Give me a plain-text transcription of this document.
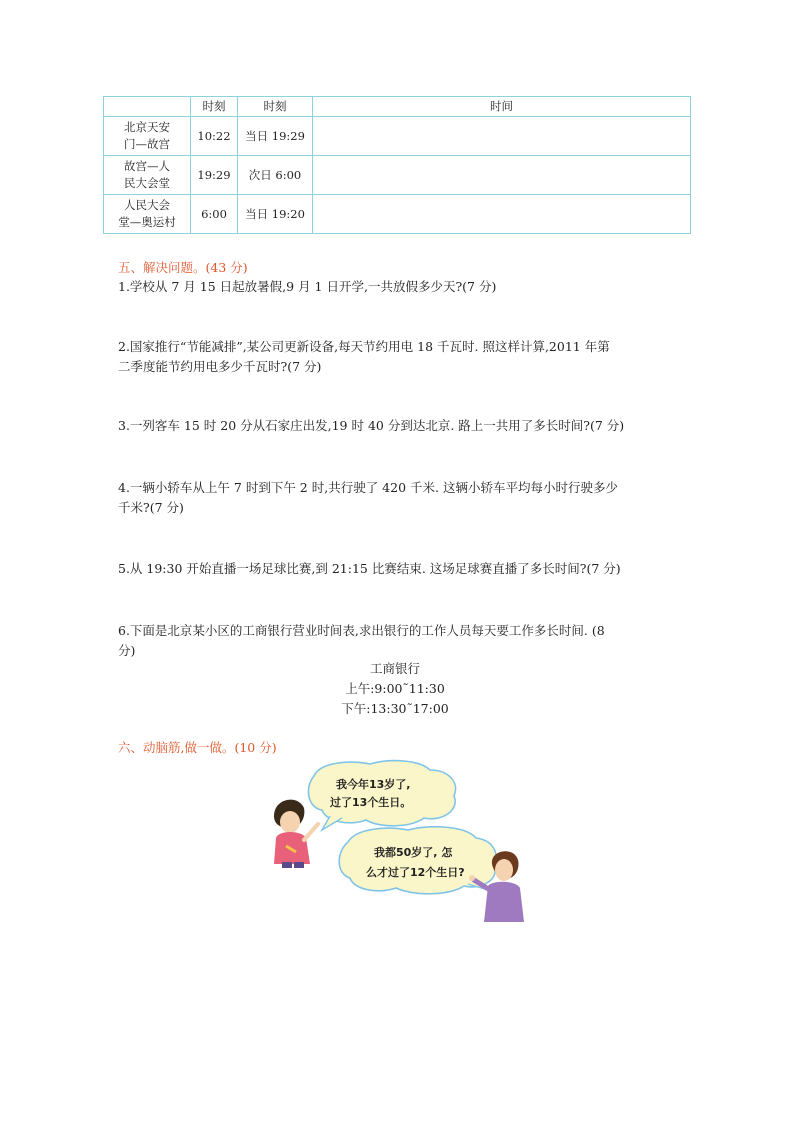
	时刻	时刻	时间
北京天安
门—故宫	10:22	当日 19:29	
故宫—人
民大会堂	19:29	次日 6:00	
人民大会
堂—奥运村	6:00	当日 19:20	
五、解决问题。(43 分)
1.学校从 7 月 15 日起放暑假,9 月 1 日开学,一共放假多少天?(7 分)
2.国家推行“节能减排”,某公司更新设备,每天节约用电 18 千瓦时. 照这样计算,2011 年第
二季度能节约用电多少千瓦时?(7 分)
3.一列客车 15 时 20 分从石家庄出发,19 时 40 分到达北京. 路上一共用了多长时间?(7 分)
4.一辆小轿车从上午 7 时到下午 2 时,共行驶了 420 千米. 这辆小轿车平均每小时行驶多少
千米?(7 分)
5.从 19:30 开始直播一场足球比赛,到 21:15 比赛结束. 这场足球赛直播了多长时间?(7 分)
6.下面是北京某小区的工商银行营业时间表,求出银行的工作人员每天要工作多长时间. (8
分)
工商银行
上午:9:00˜11:30
下午:13:30˜17:00
六、动脑筋,做一做。(10 分)
我今年13岁了,
过了13个生日。
我都50岁了, 怎
么才过了12个生日?
